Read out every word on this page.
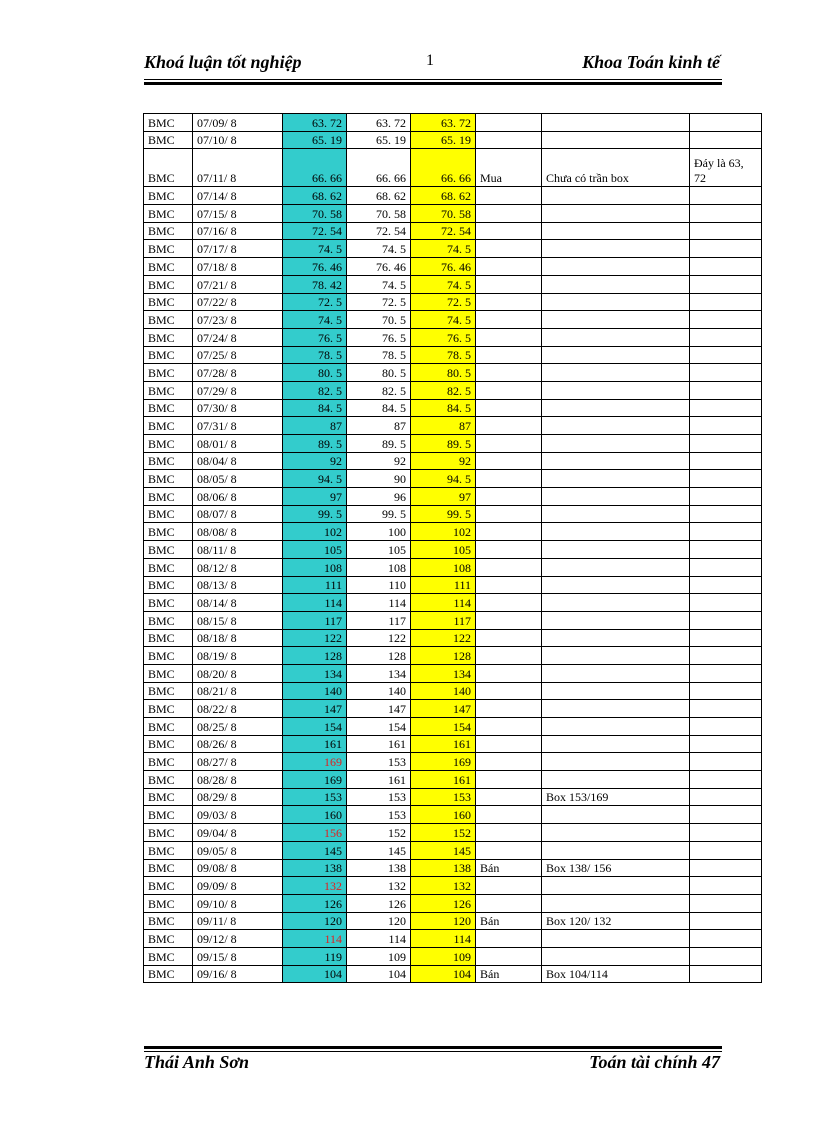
Khoá luận tốt nghiệp	1	Khoa Toán kinh tế
BMC	07/09/ 8	63. 72	63. 72	63. 72			
BMC	07/10/ 8	65. 19	65. 19	65. 19			
BMC	07/11/ 8	66. 66	66. 66	66. 66	Mua	Chưa có trần box	Đáy là 63, 72
BMC	07/14/ 8	68. 62	68. 62	68. 62			
BMC	07/15/ 8	70. 58	70. 58	70. 58			
BMC	07/16/ 8	72. 54	72. 54	72. 54			
BMC	07/17/ 8	74. 5	74. 5	74. 5			
BMC	07/18/ 8	76. 46	76. 46	76. 46			
BMC	07/21/ 8	78. 42	74. 5	74. 5			
BMC	07/22/ 8	72. 5	72. 5	72. 5			
BMC	07/23/ 8	74. 5	70. 5	74. 5			
BMC	07/24/ 8	76. 5	76. 5	76. 5			
BMC	07/25/ 8	78. 5	78. 5	78. 5			
BMC	07/28/ 8	80. 5	80. 5	80. 5			
BMC	07/29/ 8	82. 5	82. 5	82. 5			
BMC	07/30/ 8	84. 5	84. 5	84. 5			
BMC	07/31/ 8	87	87	87			
BMC	08/01/ 8	89. 5	89. 5	89. 5			
BMC	08/04/ 8	92	92	92			
BMC	08/05/ 8	94. 5	90	94. 5			
BMC	08/06/ 8	97	96	97			
BMC	08/07/ 8	99. 5	99. 5	99. 5			
BMC	08/08/ 8	102	100	102			
BMC	08/11/ 8	105	105	105			
BMC	08/12/ 8	108	108	108			
BMC	08/13/ 8	111	110	111			
BMC	08/14/ 8	114	114	114			
BMC	08/15/ 8	117	117	117			
BMC	08/18/ 8	122	122	122			
BMC	08/19/ 8	128	128	128			
BMC	08/20/ 8	134	134	134			
BMC	08/21/ 8	140	140	140			
BMC	08/22/ 8	147	147	147			
BMC	08/25/ 8	154	154	154			
BMC	08/26/ 8	161	161	161			
BMC	08/27/ 8	169	153	169			
BMC	08/28/ 8	169	161	161			
BMC	08/29/ 8	153	153	153		Box 153/169	
BMC	09/03/ 8	160	153	160			
BMC	09/04/ 8	156	152	152			
BMC	09/05/ 8	145	145	145			
BMC	09/08/ 8	138	138	138	Bán	Box 138/ 156	
BMC	09/09/ 8	132	132	132			
BMC	09/10/ 8	126	126	126			
BMC	09/11/ 8	120	120	120	Bán	Box 120/ 132	
BMC	09/12/ 8	114	114	114			
BMC	09/15/ 8	119	109	109			
BMC	09/16/ 8	104	104	104	Bán	Box 104/114	
Thái Anh Sơn	Toán tài chính 47
